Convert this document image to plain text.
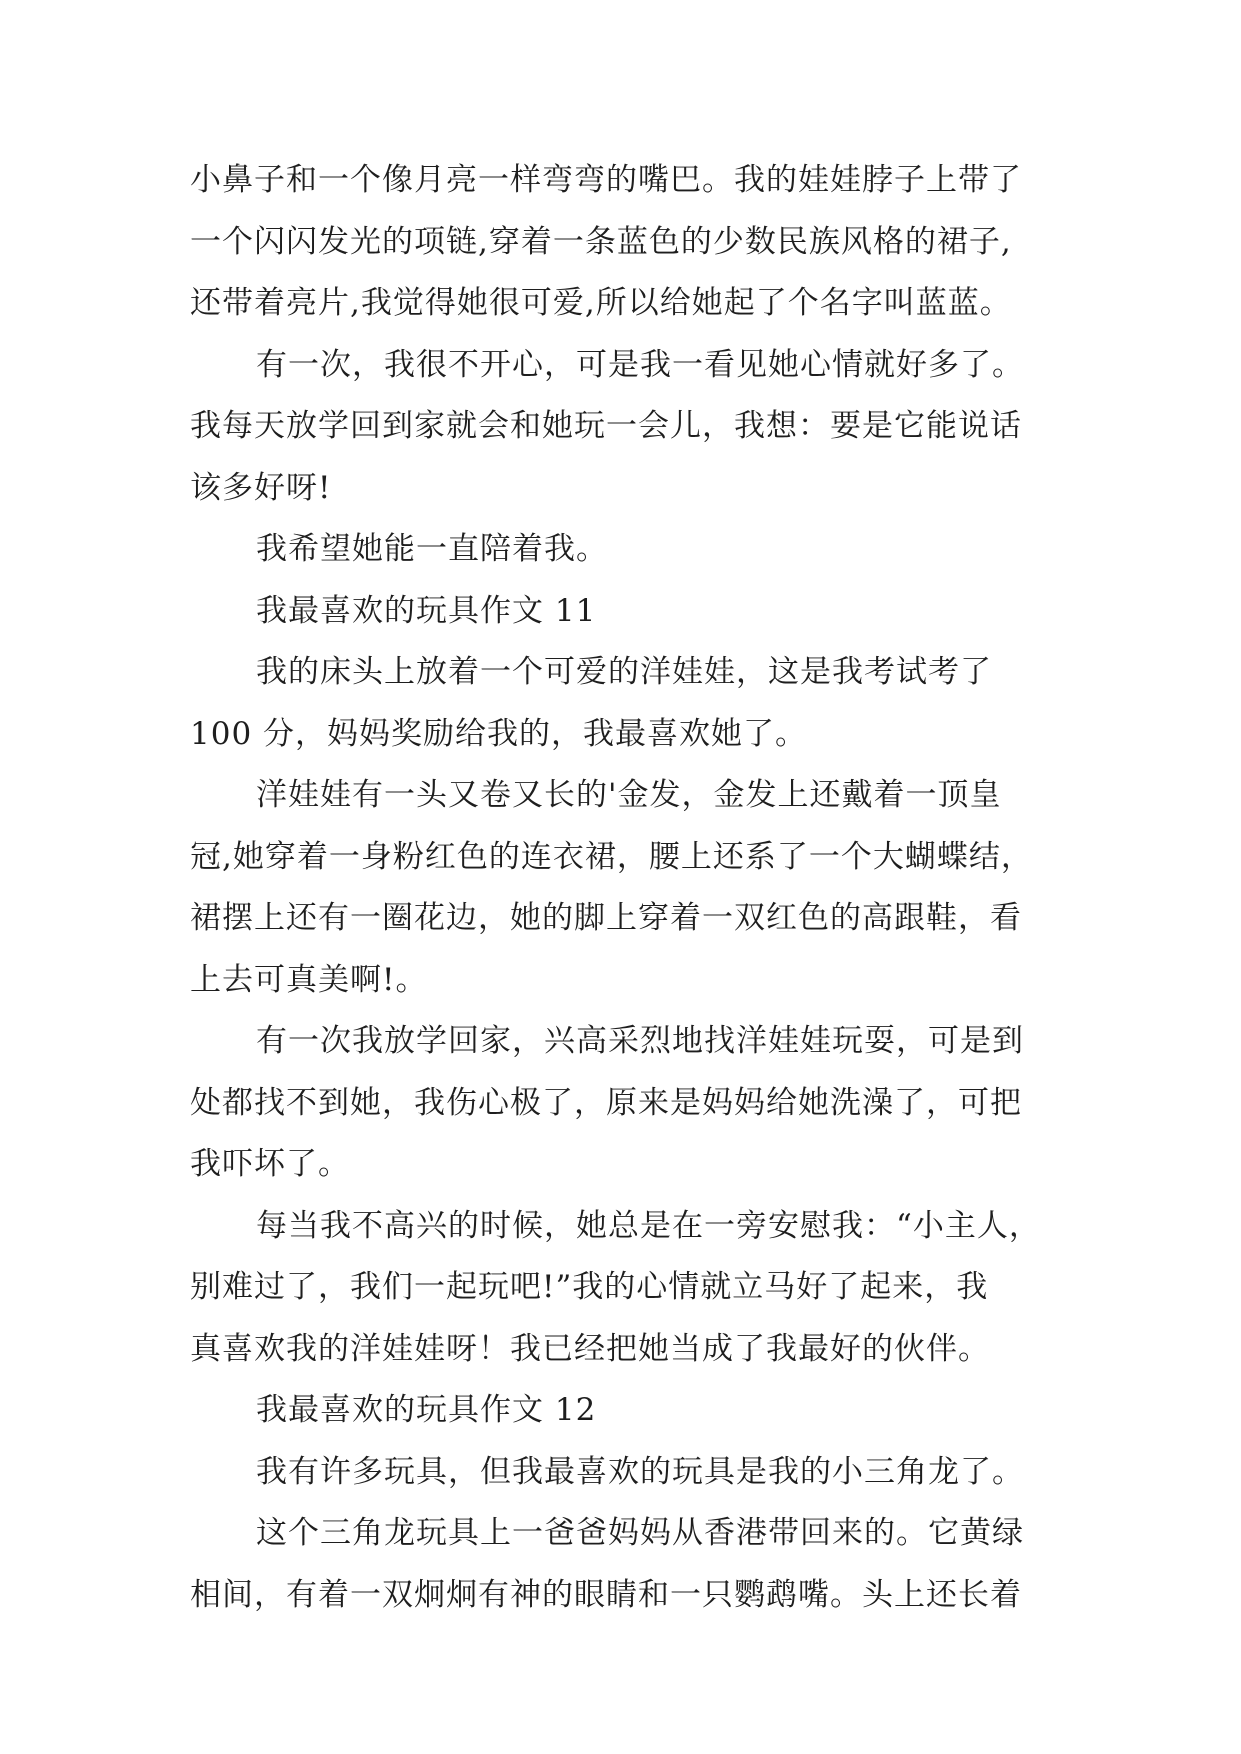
小鼻子和一个像月亮一样弯弯的嘴巴。我的娃娃脖子上带了
一个闪闪发光的项链,穿着一条蓝色的少数民族风格的裙子,
还带着亮片,我觉得她很可爱,所以给她起了个名字叫蓝蓝。
有一次，我很不开心，可是我一看见她心情就好多了。
我每天放学回到家就会和她玩一会儿，我想：要是它能说话
该多好呀!
我希望她能一直陪着我。
我最喜欢的玩具作文 11
我的床头上放着一个可爱的洋娃娃，这是我考试考了
100 分，妈妈奖励给我的，我最喜欢她了。
洋娃娃有一头又卷又长的'金发，金发上还戴着一顶皇
冠,她穿着一身粉红色的连衣裙，腰上还系了一个大蝴蝶结，
裙摆上还有一圈花边，她的脚上穿着一双红色的高跟鞋，看
上去可真美啊!。
有一次我放学回家，兴高采烈地找洋娃娃玩耍，可是到
处都找不到她，我伤心极了，原来是妈妈给她洗澡了，可把
我吓坏了。
每当我不高兴的时候，她总是在一旁安慰我：“小主人，
别难过了，我们一起玩吧!”我的心情就立马好了起来，我
真喜欢我的洋娃娃呀！我已经把她当成了我最好的伙伴。
我最喜欢的玩具作文 12
我有许多玩具，但我最喜欢的玩具是我的小三角龙了。
这个三角龙玩具上一爸爸妈妈从香港带回来的。它黄绿
相间，有着一双炯炯有神的眼睛和一只鹦鹉嘴。头上还长着
